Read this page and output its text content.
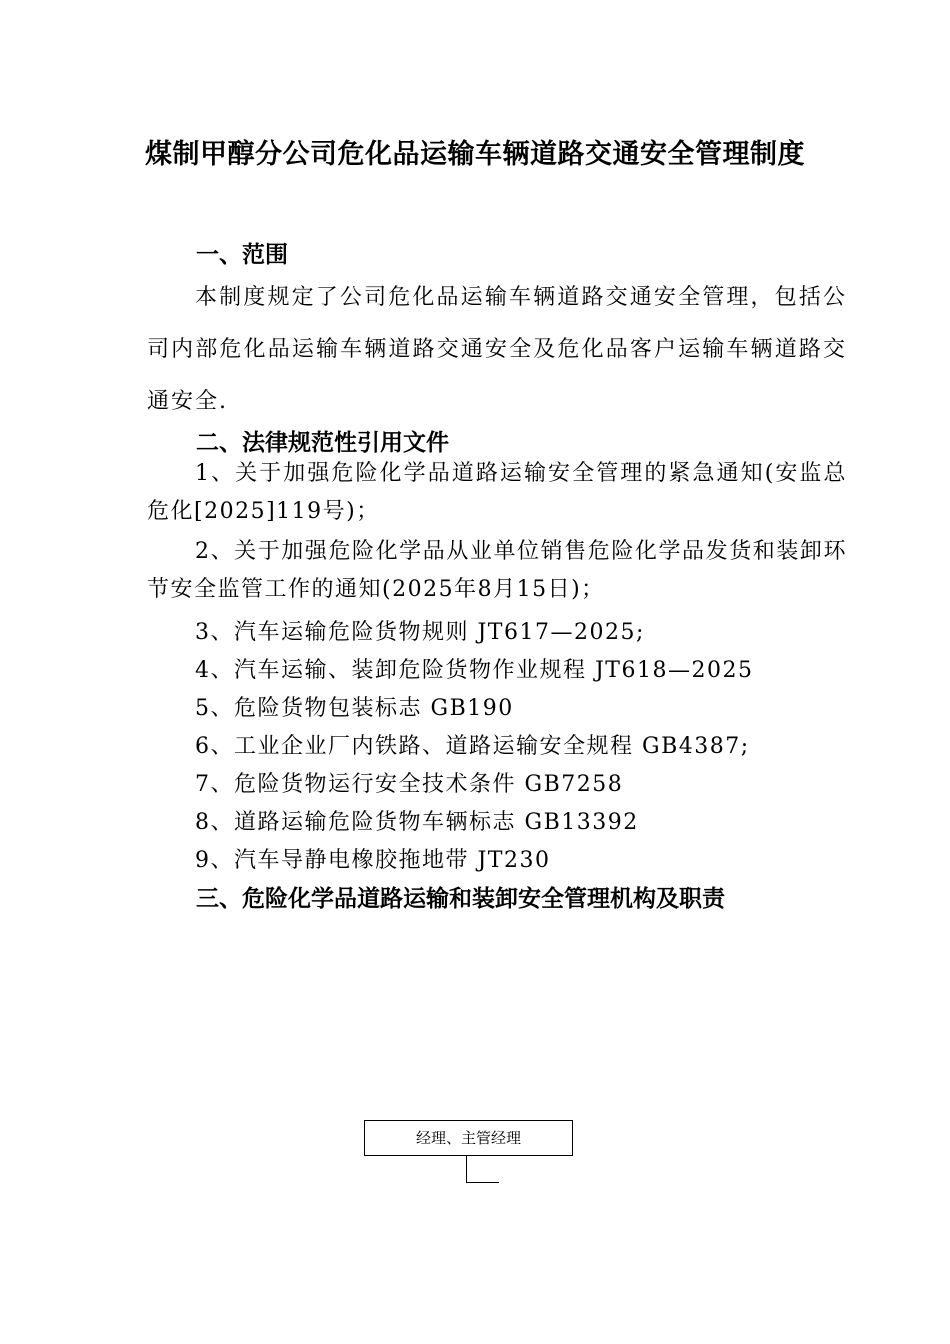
煤制甲醇分公司危化品运输车辆道路交通安全管理制度
一、范围
本制度规定了公司危化品运输车辆道路交通安全管理，包括公司内部危化品运输车辆道路交通安全及危化品客户运输车辆道路交通安全.
二、法律规范性引用文件
1、关于加强危险化学品道路运输安全管理的紧急通知(安监总危化[2025]119号)；
2、关于加强危险化学品从业单位销售危险化学品发货和装卸环节安全监管工作的通知(2025年8月15日)；
3、汽车运输危险货物规则 JT617—2025;
4、汽车运输、装卸危险货物作业规程 JT618—2025
5、危险货物包装标志 GB190
6、工业企业厂内铁路、道路运输安全规程 GB4387;
7、危险货物运行安全技术条件 GB7258
8、道路运输危险货物车辆标志 GB13392
9、汽车导静电橡胶拖地带 JT230
三、危险化学品道路运输和装卸安全管理机构及职责
经理、主管经理
